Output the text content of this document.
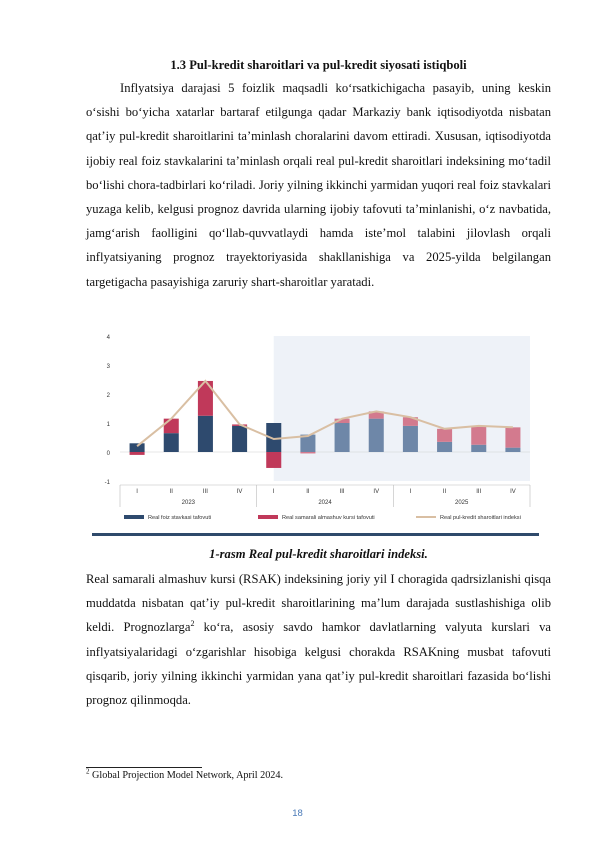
1.3 Pul-kredit sharoitlari va pul-kredit siyosati istiqboli

Inflyatsiya darajasi 5 foizlik maqsadli ko‘rsatkichigacha pasayib, uning keskin o‘sishi bo‘yicha xatarlar bartaraf etilgunga qadar Markaziy bank iqtisodiyotda nisbatan qat’iy pul-kredit sharoitlarini ta’minlash choralarini davom ettiradi. Xususan, iqtisodiyotda ijobiy real foiz stavkalarini ta’minlash orqali real pul-kredit sharoitlari indeksining mo‘tadil bo‘lishi chora-tadbirlari ko‘riladi. Joriy yilning ikkinchi yarmidan yuqori real foiz stavkalari yuzaga kelib, kelgusi prognoz davrida ularning ijobiy tafovuti ta’minlanishi, o‘z navbatida, jamg‘arish faolligini qo‘llab-quvvatlaydi hamda iste’mol talabini jilovlash orqali inflyatsiyaning prognoz trayektoriyasida shakllanishiga va 2025-yilda belgilangan targetigacha pasayishiga zaruriy shart-sharoitlar yaratadi.

4
3
2
1
0
-1
I	II	III	IV	I	II	III	IV	I	II	III	IV
2023	2024	2025
Real foiz stavkasi tafovuti	Real samarali almashuv kursi tafovuti	Real pul-kredit sharoitlari indeksi
1-rasm Real pul-kredit sharoitlari indeksi.

Real samarali almashuv kursi (RSAK) indeksining joriy yil I choragida qadrsizlanishi qisqa muddatda nisbatan qat’iy pul-kredit sharoitlarining ma’lum darajada sustlashishiga olib keldi. Prognozlarga$^2$ ko‘ra, asosiy savdo hamkor davlatlarning valyuta kurslari va inflyatsiyalaridagi o‘zgarishlar hisobiga kelgusi chorakda RSAKning musbat tafovuti qisqarib, joriy yilning ikkinchi yarmidan yana qat’iy pul-kredit sharoitlari fazasida bo‘lishi prognoz qilinmoqda.

$^2$ Global Projection Model Network, April 2024.
18
